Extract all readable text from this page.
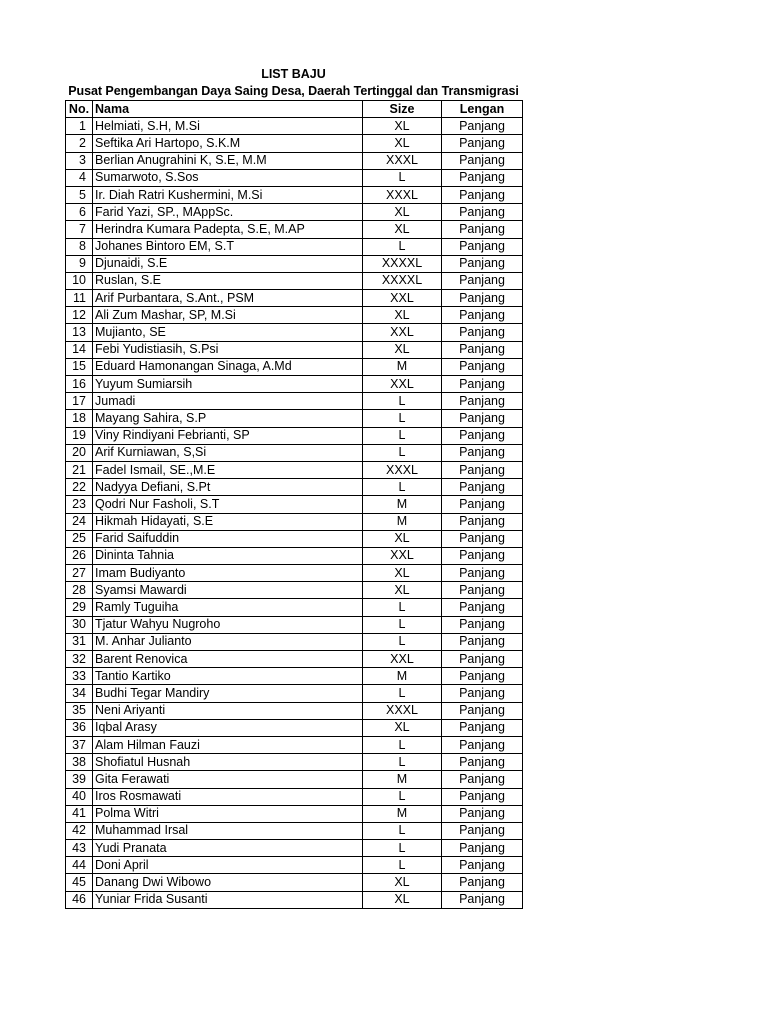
LIST BAJU
Pusat Pengembangan Daya Saing Desa, Daerah Tertinggal dan Transmigrasi
No.	Nama	Size	Lengan
1	Helmiati, S.H, M.Si	XL	Panjang
2	Seftika Ari Hartopo, S.K.M	XL	Panjang
3	Berlian Anugrahini K, S.E, M.M	XXXL	Panjang
4	Sumarwoto, S.Sos	L	Panjang
5	Ir. Diah Ratri Kushermini, M.Si	XXXL	Panjang
6	Farid Yazi, SP., MAppSc.	XL	Panjang
7	Herindra Kumara Padepta, S.E, M.AP	XL	Panjang
8	Johanes Bintoro EM, S.T	L	Panjang
9	Djunaidi, S.E	XXXXL	Panjang
10	Ruslan, S.E	XXXXL	Panjang
11	Arif Purbantara, S.Ant., PSM	XXL	Panjang
12	Ali Zum Mashar, SP, M.Si	XL	Panjang
13	Mujianto, SE	XXL	Panjang
14	Febi Yudistiasih, S.Psi	XL	Panjang
15	Eduard Hamonangan Sinaga, A.Md	M	Panjang
16	Yuyum Sumiarsih	XXL	Panjang
17	Jumadi	L	Panjang
18	Mayang Sahira, S.P	L	Panjang
19	Viny Rindiyani Febrianti, SP	L	Panjang
20	Arif Kurniawan, S,Si	L	Panjang
21	Fadel Ismail, SE.,M.E	XXXL	Panjang
22	Nadyya Defiani, S.Pt	L	Panjang
23	Qodri Nur Fasholi, S.T	M	Panjang
24	Hikmah Hidayati, S.E	M	Panjang
25	Farid Saifuddin	XL	Panjang
26	Dininta Tahnia	XXL	Panjang
27	Imam Budiyanto	XL	Panjang
28	Syamsi Mawardi	XL	Panjang
29	Ramly Tuguiha	L	Panjang
30	Tjatur Wahyu Nugroho	L	Panjang
31	M. Anhar Julianto	L	Panjang
32	Barent Renovica	XXL	Panjang
33	Tantio Kartiko	M	Panjang
34	Budhi Tegar Mandiry	L	Panjang
35	Neni Ariyanti	XXXL	Panjang
36	Iqbal Arasy	XL	Panjang
37	Alam Hilman Fauzi	L	Panjang
38	Shofiatul Husnah	L	Panjang
39	Gita Ferawati	M	Panjang
40	Iros Rosmawati	L	Panjang
41	Polma Witri	M	Panjang
42	Muhammad Irsal	L	Panjang
43	Yudi Pranata	L	Panjang
44	Doni April	L	Panjang
45	Danang Dwi Wibowo	XL	Panjang
46	Yuniar Frida Susanti	XL	Panjang
